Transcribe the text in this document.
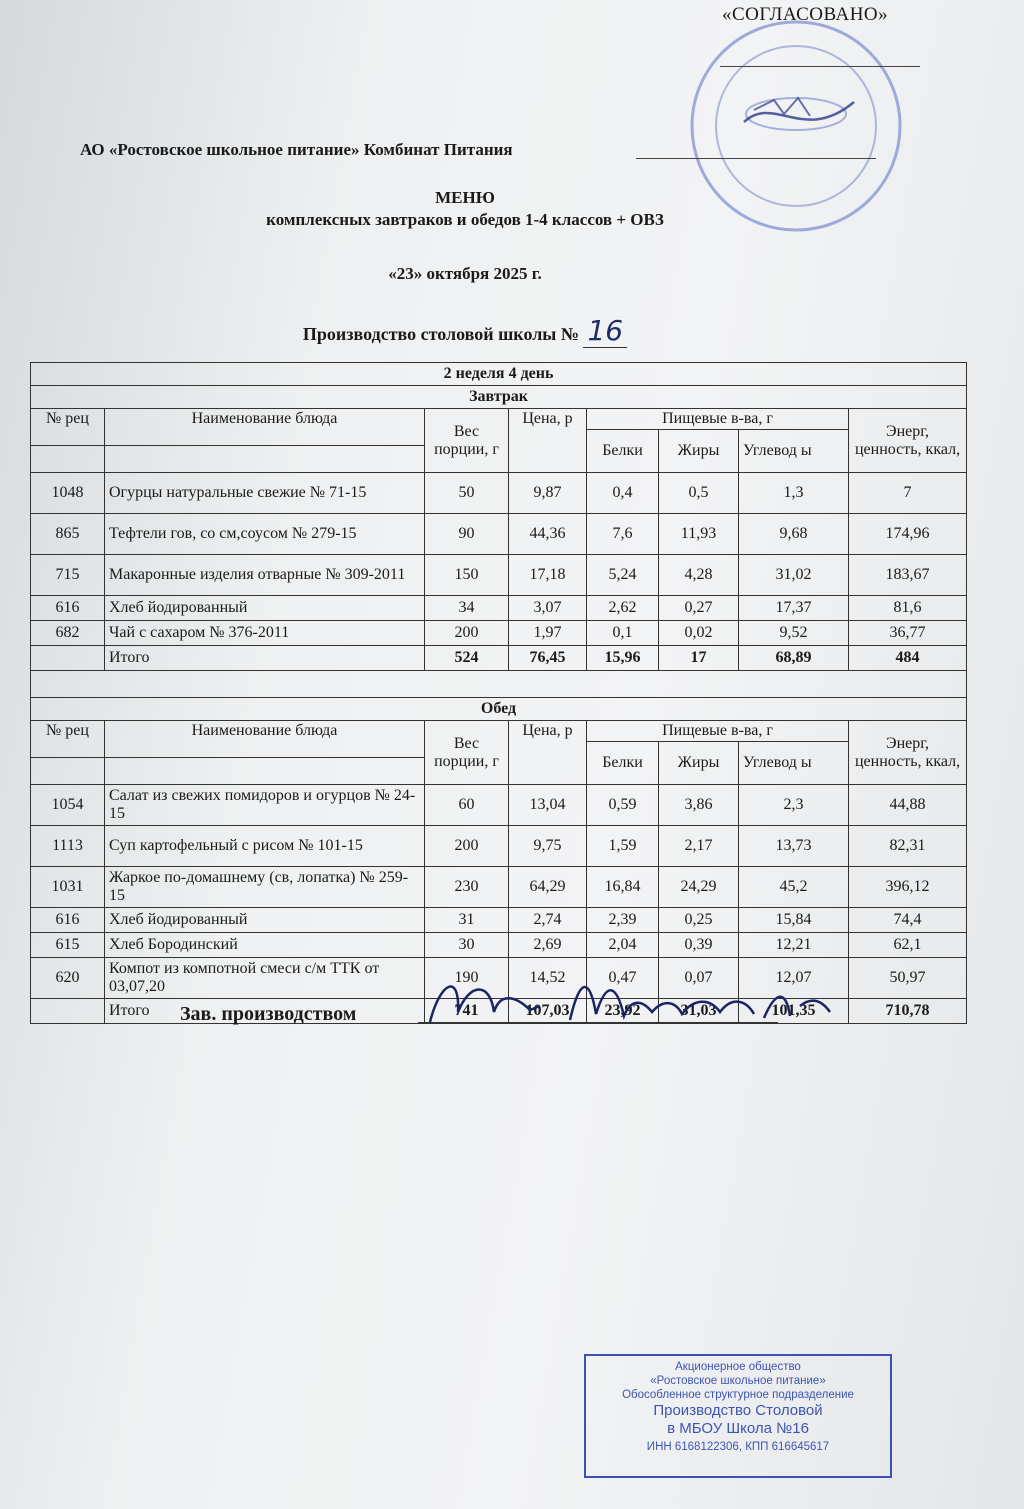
«СОГЛАСОВАНО»
АО «Ростовское школьное питание» Комбинат Питания
МЕНЮ
комплексных завтраков и обедов 1-4 классов + ОВЗ
«23» октября 2025 г.
Производство столовой школы № 16
2 неделя 4 день							
Завтрак							
№ рец	Наименование блюда	Вес порции, г	Цена, р	Пищевые в-ва, г			Энерг, ценность, ккал,
				Белки	Жиры	Углевод ы	

1048	Огурцы натуральные свежие № 71-15	50	9,87	0,4	0,5	1,3	7
865	Тефтели гов, со см,соусом № 279-15	90	44,36	7,6	11,93	9,68	174,96
715	Макаронные изделия отварные № 309-2011	150	17,18	5,24	4,28	31,02	183,67
616	Хлеб йодированный	34	3,07	2,62	0,27	17,37	81,6
682	Чай с сахаром № 376-2011	200	1,97	0,1	0,02	9,52	36,77
	Итого	524	76,45	15,96	17	68,89	484

Обед							
№ рец	Наименование блюда	Вес порции, г	Цена, р	Пищевые в-ва, г			Энерг, ценность, ккал,
				Белки	Жиры	Углевод ы	

1054	Салат из свежих помидоров и огурцов № 24-15	60	13,04	0,59	3,86	2,3	44,88
1113	Суп картофельный с рисом № 101-15	200	9,75	1,59	2,17	13,73	82,31
1031	Жаркое по-домашнему (св, лопатка) № 259-15	230	64,29	16,84	24,29	45,2	396,12
616	Хлеб йодированный	31	2,74	2,39	0,25	15,84	74,4
615	Хлеб Бородинский	30	2,69	2,04	0,39	12,21	62,1
620	Компот из компотной смеси с/м ТТК от 03,07,20	190	14,52	0,47	0,07	12,07	50,97
	Итого	741	107,03	23,92	31,03	101,35	710,78
Зав. производством
Акционерное общество
«Ростовское школьное питание»
Обособленное структурное подразделение
Производство Столовой
в МБОУ Школа №16
ИНН 6168122306, КПП 616645617
